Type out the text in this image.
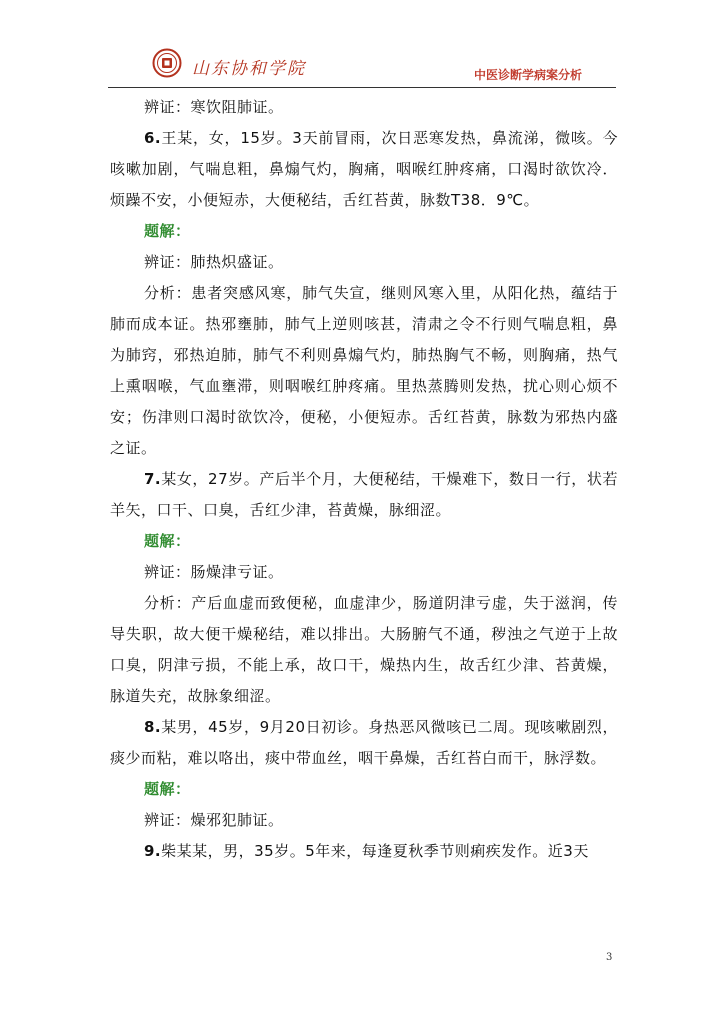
山东协和学院	中医诊断学病案分析

辨证：寒饮阻肺证。

6.王某，女，15岁。3天前冒雨，次日恶寒发热，鼻流涕，微咳。今咳嗽加剧，气喘息粗，鼻煽气灼，胸痛，咽喉红肿疼痛，口渴时欲饮冷．烦躁不安，小便短赤，大便秘结，舌红苔黄，脉数T38．9℃。

题解：

辨证：肺热炽盛证。

分析：患者突感风寒，肺气失宣，继则风寒入里，从阳化热，蕴结于肺而成本证。热邪壅肺，肺气上逆则咳甚，清肃之令不行则气喘息粗，鼻为肺窍，邪热迫肺，肺气不利则鼻煽气灼，肺热胸气不畅，则胸痛，热气上熏咽喉，气血壅滞，则咽喉红肿疼痛。里热蒸腾则发热，扰心则心烦不安；伤津则口渴时欲饮冷，便秘，小便短赤。舌红苔黄，脉数为邪热内盛之证。

7.某女，27岁。产后半个月，大便秘结，干燥难下，数日一行，状若羊矢，口干、口臭，舌红少津，苔黄燥，脉细涩。

题解：

辨证：肠燥津亏证。

分析：产后血虚而致便秘，血虚津少，肠道阴津亏虚，失于滋润，传导失职，故大便干燥秘结，难以排出。大肠腑气不通，秽浊之气逆于上故口臭，阴津亏损，不能上承，故口干，燥热内生，故舌红少津、苔黄燥，脉道失充，故脉象细涩。

8.某男，45岁，9月20日初诊。身热恶风微咳已二周。现咳嗽剧烈，痰少而粘，难以咯出，痰中带血丝，咽干鼻燥，舌红苔白而干，脉浮数。

题解：

辨证：燥邪犯肺证。

9.柴某某，男，35岁。5年来，每逢夏秋季节则痢疾发作。近3天

3
